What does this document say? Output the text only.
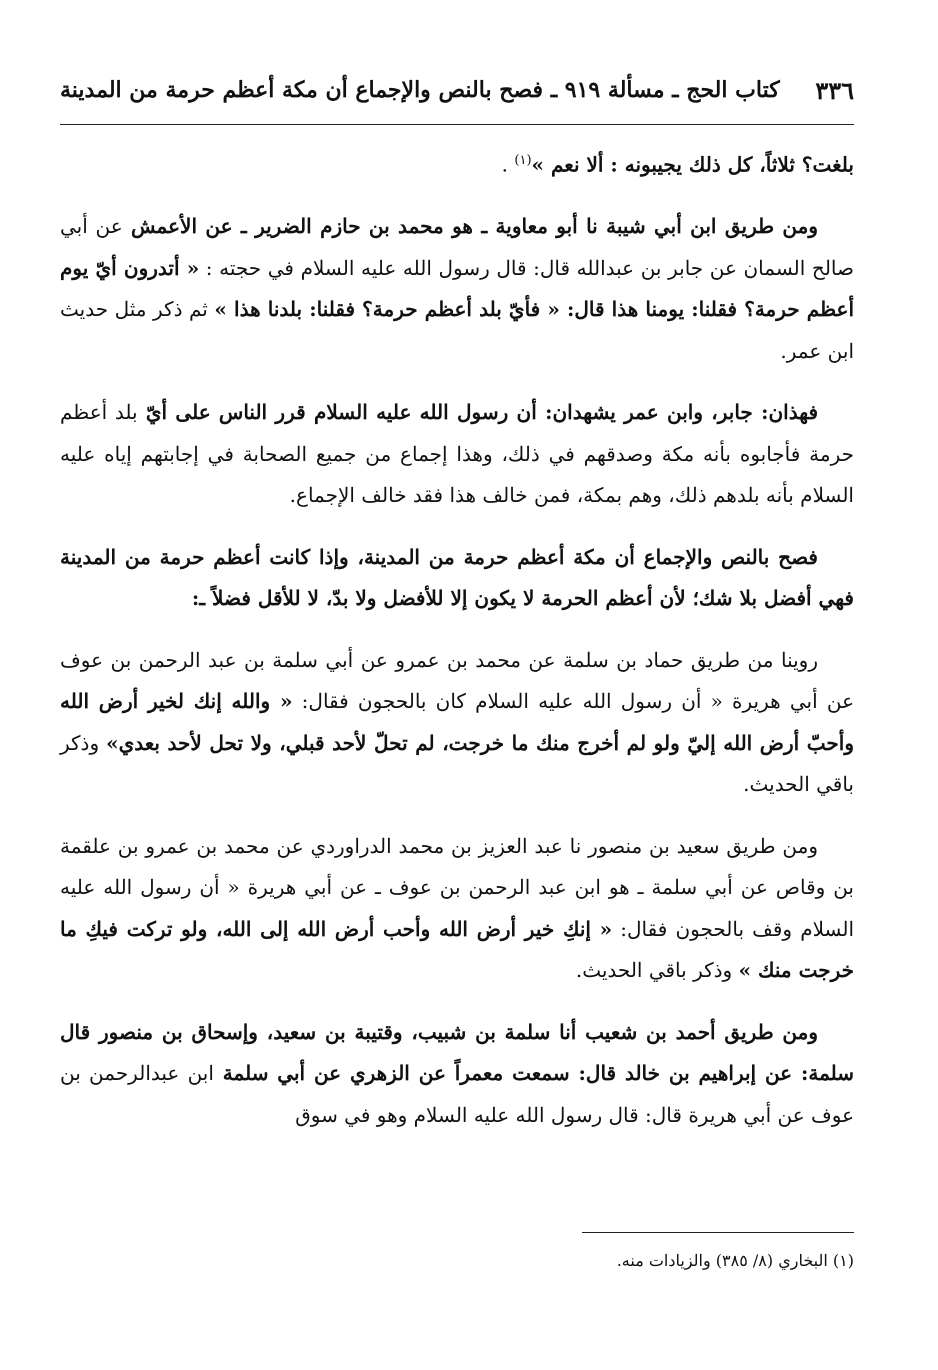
٣٣٦
كتاب الحج ـ مسألة ٩١٩ ـ فصح بالنص والإجماع أن مكة أعظم حرمة من المدينة

بلغت؟ ثلاثاً، كل ذلك يجيبونه : ألا نعم »$^{(١)}$ .

ومن طريق ابن أبي شيبة نا أبو معاوية ـ هو محمد بن حازم الضرير ـ عن الأعمش عن أبي صالح السمان عن جابر بن عبدالله قال: قال رسول الله عليه السلام في حجته : « أتدرون أيّ يوم أعظم حرمة؟ فقلنا: يومنا هذا قال: « فأيّ بلد أعظم حرمة؟ فقلنا: بلدنا هذا » ثم ذكر مثل حديث ابن عمر.

فهذان: جابر، وابن عمر يشهدان: أن رسول الله عليه السلام قرر الناس على أيّ بلد أعظم حرمة فأجابوه بأنه مكة وصدقهم في ذلك، وهذا إجماع من جميع الصحابة في إجابتهم إياه عليه السلام بأنه بلدهم ذلك، وهم بمكة، فمن خالف هذا فقد خالف الإجماع.

فصح بالنص والإجماع أن مكة أعظم حرمة من المدينة، وإذا كانت أعظم حرمة من المدينة فهي أفضل بلا شك؛ لأن أعظم الحرمة لا يكون إلا للأفضل ولا بدّ، لا للأقل فضلاً ـ:

روينا من طريق حماد بن سلمة عن محمد بن عمرو عن أبي سلمة بن عبد الرحمن بن عوف عن أبي هريرة « أن رسول الله عليه السلام كان بالحجون فقال: « والله إنك لخير أرض الله وأحبّ أرض الله إليّ ولو لم أخرج منك ما خرجت، لم تحلّ لأحد قبلي، ولا تحل لأحد بعدي» وذكر باقي الحديث.

ومن طريق سعيد بن منصور نا عبد العزيز بن محمد الدراوردي عن محمد بن عمرو بن علقمة بن وقاص عن أبي سلمة ـ هو ابن عبد الرحمن بن عوف ـ عن أبي هريرة « أن رسول الله عليه السلام وقف بالحجون فقال: « إنكِ خير أرض الله وأحب أرض الله إلى الله، ولو تركت فيكِ ما خرجت منك » وذكر باقي الحديث.

ومن طريق أحمد بن شعيب أنا سلمة بن شبيب، وقتيبة بن سعيد، وإسحاق بن منصور قال سلمة: عن إبراهيم بن خالد قال: سمعت معمراً عن الزهري عن أبي سلمة ابن عبدالرحمن بن عوف عن أبي هريرة قال: قال رسول الله عليه السلام وهو في سوق

(١) البخاري (٨/ ٣٨٥) والزيادات منه.
